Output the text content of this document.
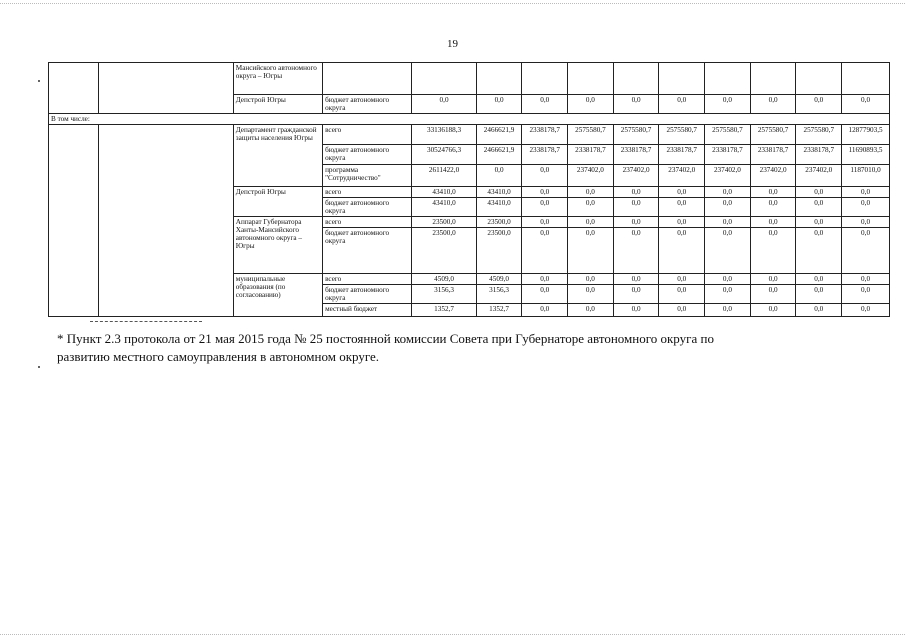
19
		Мансийского автономного округа – Югры											
		Депстрой Югры	бюджет автономного округа	0,0	0,0	0,0	0,0	0,0	0,0	0,0	0,0	0,0	0,0
В том числе:													
		Департамент гражданской защиты населения Югры	всего	33136188,3	2466621,9	2338178,7	2575580,7	2575580,7	2575580,7	2575580,7	2575580,7	2575580,7	12877903,5
			бюджет автономного округа	30524766,3	2466621,9	2338178,7	2338178,7	2338178,7	2338178,7	2338178,7	2338178,7	2338178,7	11690893,5
			программа "Сотрудничество"	2611422,0	0,0	0,0	237402,0	237402,0	237402,0	237402,0	237402,0	237402,0	1187010,0
		Депстрой Югры	всего	43410,0	43410,0	0,0	0,0	0,0	0,0	0,0	0,0	0,0	0,0
			бюджет автономного округа	43410,0	43410,0	0,0	0,0	0,0	0,0	0,0	0,0	0,0	0,0
		Аппарат Губернатора Ханты-Мансийского автономного округа – Югры	всего	23500,0	23500,0	0,0	0,0	0,0	0,0	0,0	0,0	0,0	0,0
			бюджет автономного округа	23500,0	23500,0	0,0	0,0	0,0	0,0	0,0	0,0	0,0	0,0
		муниципальные образования (по согласованию)	всего	4509,0	4509,0	0,0	0,0	0,0	0,0	0,0	0,0	0,0	0,0
			бюджет автономного округа	3156,3	3156,3	0,0	0,0	0,0	0,0	0,0	0,0	0,0	0,0
			местный бюджет	1352,7	1352,7	0,0	0,0	0,0	0,0	0,0	0,0	0,0	0,0
* Пункт 2.3 протокола от 21 мая 2015 года № 25 постоянной комиссии Совета при Губернаторе автономного округа по
развитию местного самоуправления в автономном округе.
